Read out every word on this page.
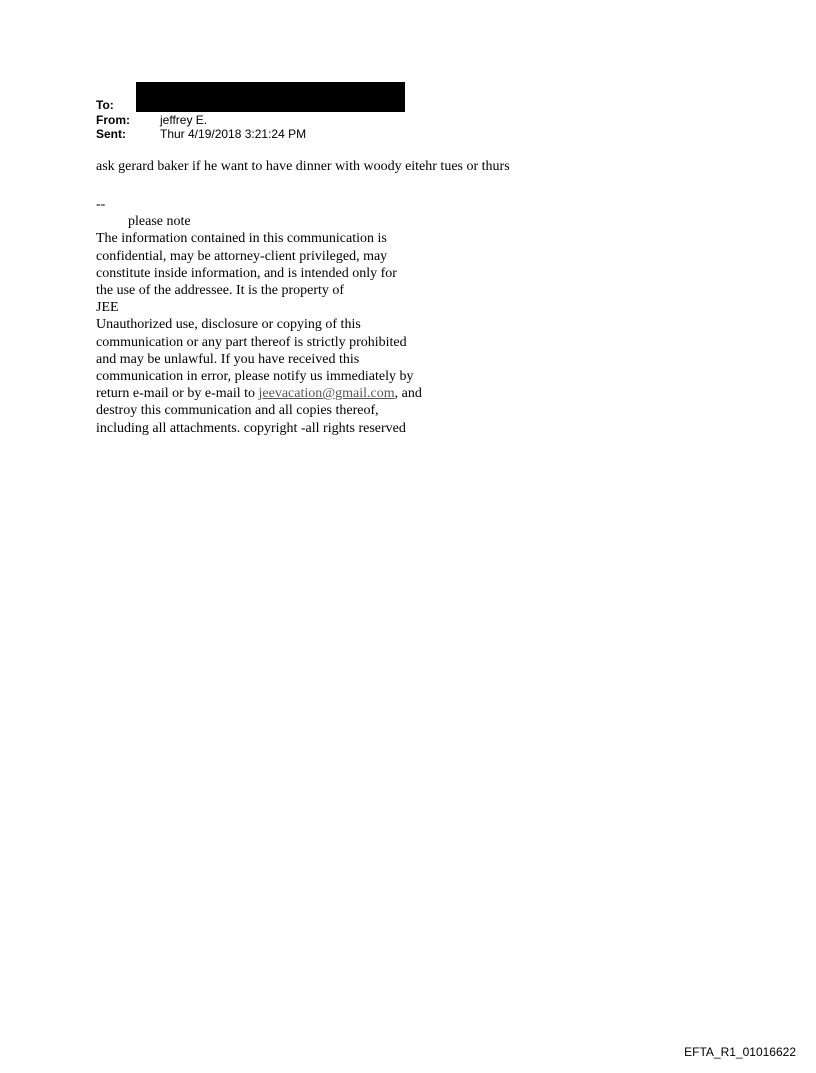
To:
From:	jeffrey E.
Sent:	Thur 4/19/2018 3:21:24 PM
ask gerard baker if he want to have dinner with woody eitehr tues or thurs
--
please note
The information contained in this communication is
confidential, may be attorney-client privileged, may
constitute inside information, and is intended only for
the use of the addressee. It is the property of
JEE
Unauthorized use, disclosure or copying of this
communication or any part thereof is strictly prohibited
and may be unlawful. If you have received this
communication in error, please notify us immediately by
return e-mail or by e-mail to jeevacation@gmail.com, and
destroy this communication and all copies thereof,
including all attachments. copyright -all rights reserved
EFTA_R1_01016622
